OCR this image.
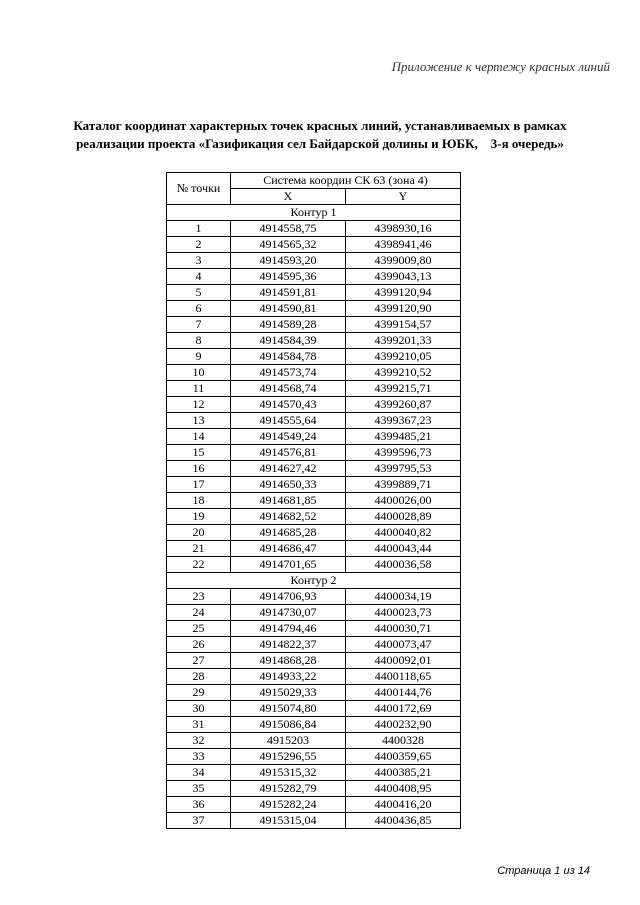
Приложение к чертежу красных линий
Каталог координат характерных точек красных линий, устанавливаемых в рамках
реализации проекта «Газификация сел Байдарской долины и ЮБК,    3-я очередь»
№ точки	Система координ СК 63 (зона 4)	
	X	Y
Контур 1		
1	4914558,75	4398930,16
2	4914565,32	4398941,46
3	4914593,20	4399009,80
4	4914595,36	4399043,13
5	4914591,81	4399120,94
6	4914590,81	4399120,90
7	4914589,28	4399154,57
8	4914584,39	4399201,33
9	4914584,78	4399210,05
10	4914573,74	4399210,52
11	4914568,74	4399215,71
12	4914570,43	4399260,87
13	4914555,64	4399367,23
14	4914549,24	4399485,21
15	4914576,81	4399596,73
16	4914627,42	4399795,53
17	4914650,33	4399889,71
18	4914681,85	4400026,00
19	4914682,52	4400028,89
20	4914685,28	4400040,82
21	4914686,47	4400043,44
22	4914701,65	4400036,58
Контур 2		
23	4914706,93	4400034,19
24	4914730,07	4400023,73
25	4914794,46	4400030,71
26	4914822,37	4400073,47
27	4914868,28	4400092,01
28	4914933,22	4400118,65
29	4915029,33	4400144,76
30	4915074,80	4400172,69
31	4915086,84	4400232,90
32	4915203	4400328
33	4915296,55	4400359,65
34	4915315,32	4400385,21
35	4915282,79	4400408,95
36	4915282,24	4400416,20
37	4915315,04	4400436,85
Страница 1 из 14
